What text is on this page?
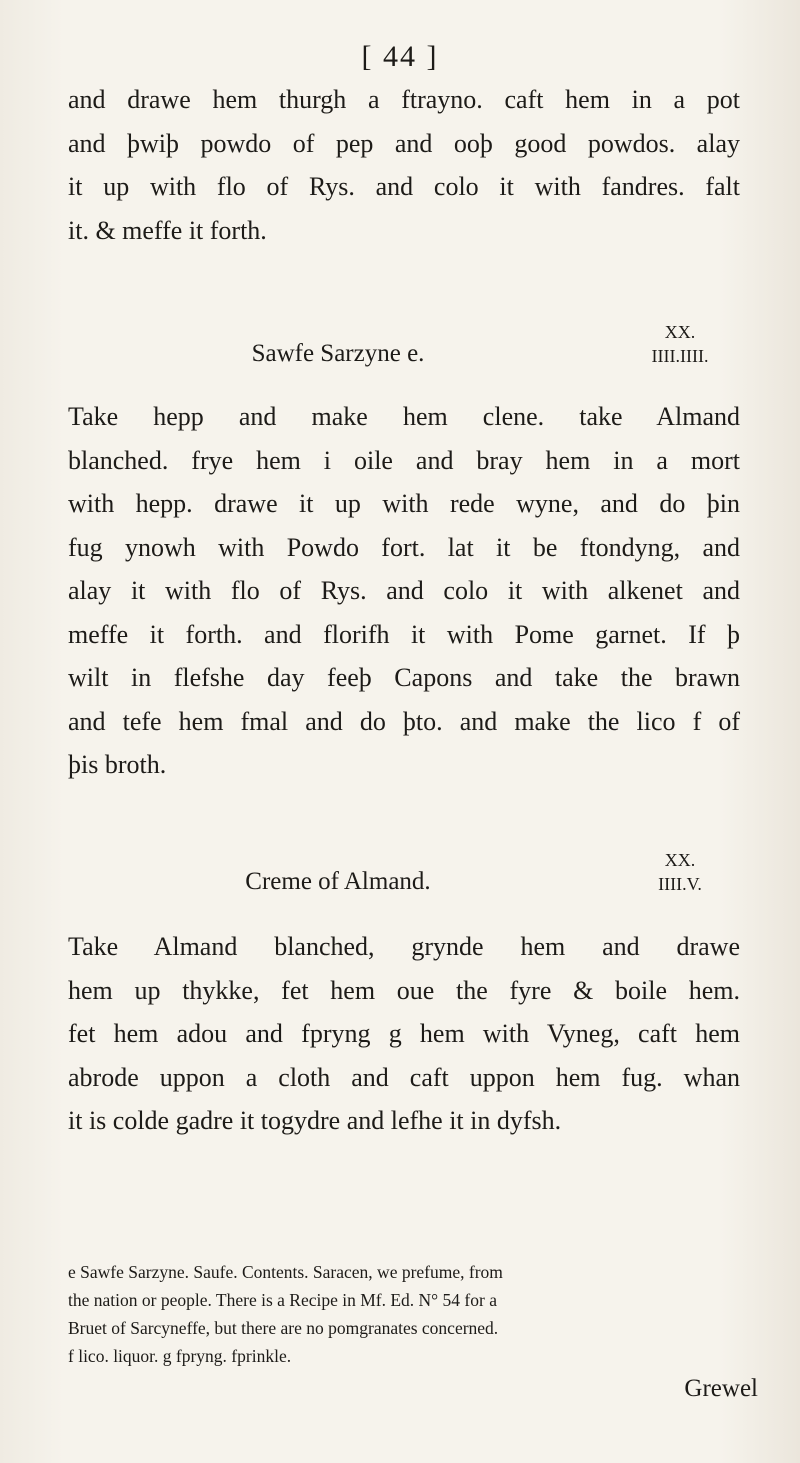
[ 44 ]
and drawe hem thurgh a ftrayno. caft hem in a pot
and þwiþ powdo of pep and ooþ good powdos. alay
it up with flo of Rys. and colo it with fandres. falt
it. & meffe it forth.
Sawfe Sarzyne e.
XX.
IIII.IIII.
Take hepp and make hem clene. take Almand
blanched. frye hem i oile and bray hem in a mort
with hepp. drawe it up with rede wyne, and do þin
fug ynowh with Powdo fort. lat it be ftondyng, and
alay it with flo of Rys. and colo it with alkenet and
meffe it forth. and florifh it with Pome garnet. If þ
wilt in flefshe day feeþ Capons and take the brawn
and tefe hem fmal and do þto. and make the lico f of
þis broth.
Creme of Almand.
XX.
IIII.V.
Take Almand blanched, grynde hem and drawe
hem up thykke, fet hem oue the fyre & boile hem.
fet hem adou and fpryng g hem with Vyneg, caft hem
abrode uppon a cloth and caft uppon hem fug. whan
it is colde gadre it togydre and lefhe it in dyfsh.
e Sawfe Sarzyne. Saufe. Contents. Saracen, we prefume, from
the nation or people. There is a Recipe in Mf. Ed. N° 54 for a
Bruet of Sarcyneffe, but there are no pomgranates concerned.
f lico. liquor. g fpryng. fprinkle.
Grewel
